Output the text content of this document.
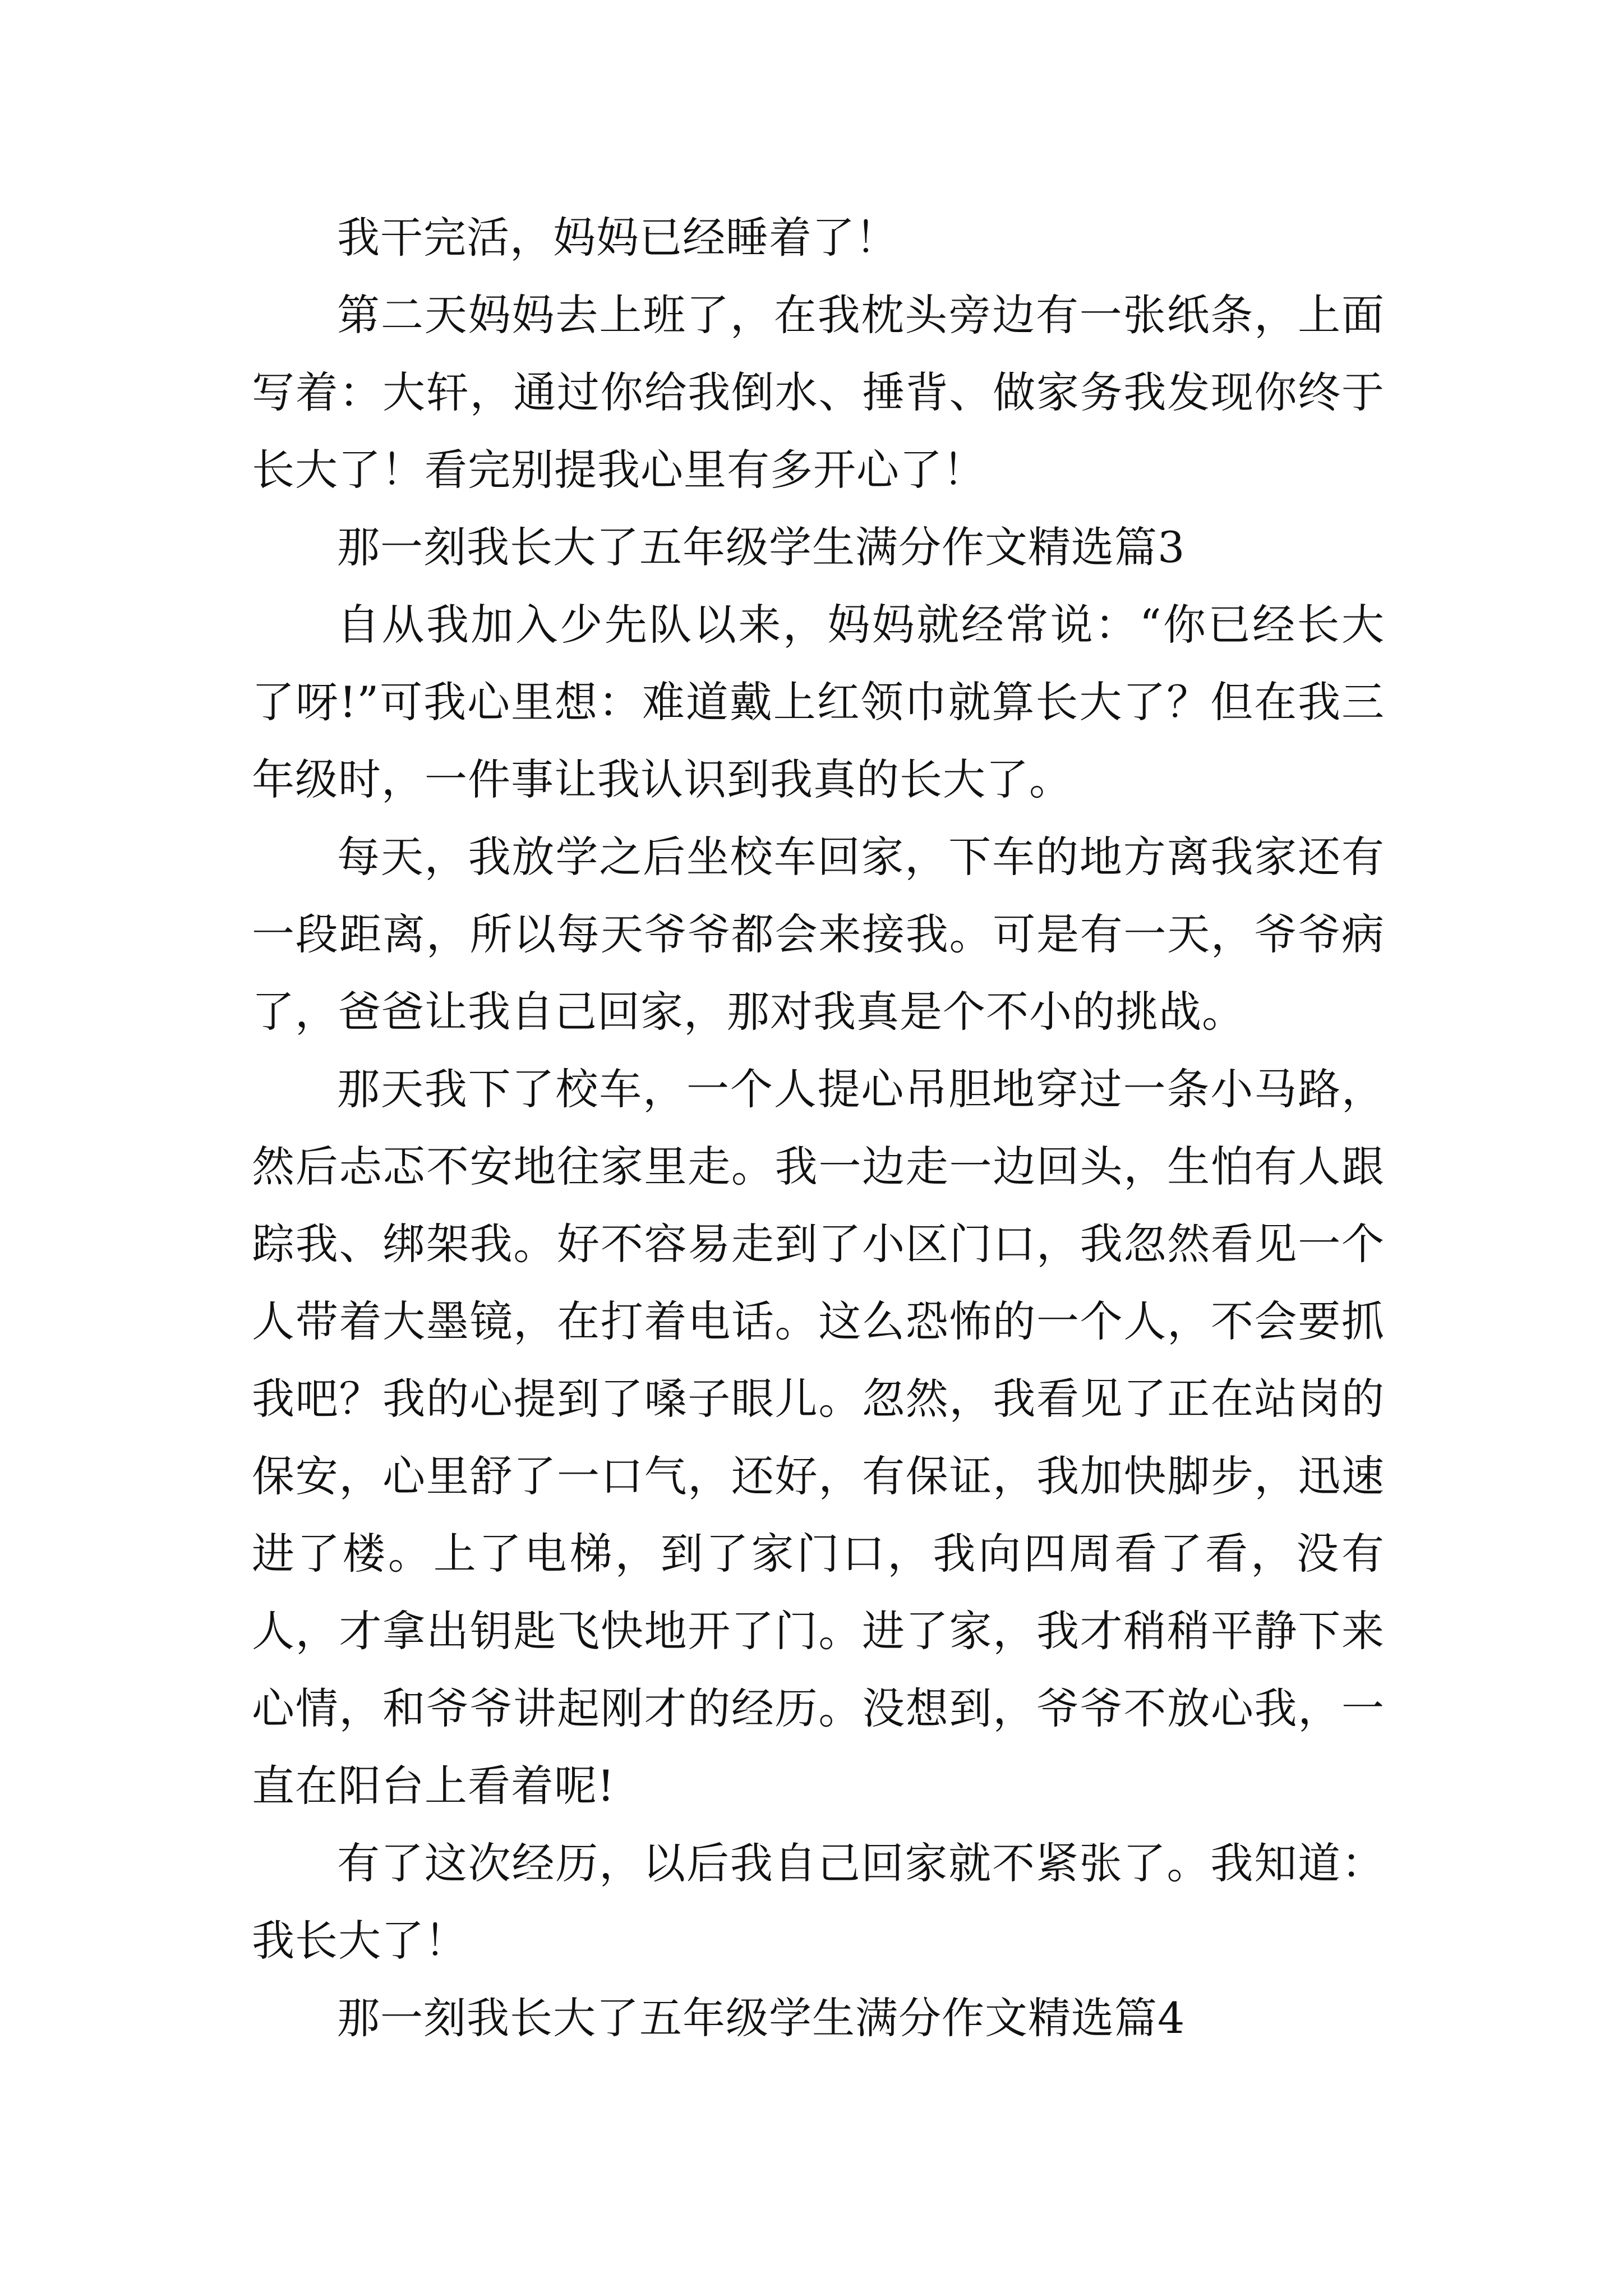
我干完活，妈妈已经睡着了！

第二天妈妈去上班了，在我枕头旁边有一张纸条，上面写着：大轩，通过你给我倒水、捶背、做家务我发现你终于长大了！看完别提我心里有多开心了！

那一刻我长大了五年级学生满分作文精选篇3

自从我加入少先队以来，妈妈就经常说：“你已经长大了呀!”可我心里想：难道戴上红领巾就算长大了？但在我三年级时，一件事让我认识到我真的长大了。

每天，我放学之后坐校车回家，下车的地方离我家还有一段距离，所以每天爷爷都会来接我。可是有一天，爷爷病了，爸爸让我自己回家，那对我真是个不小的挑战。

那天我下了校车，一个人提心吊胆地穿过一条小马路，然后忐忑不安地往家里走。我一边走一边回头，生怕有人跟踪我、绑架我。好不容易走到了小区门口，我忽然看见一个人带着大墨镜，在打着电话。这么恐怖的一个人，不会要抓我吧？我的心提到了嗓子眼儿。忽然，我看见了正在站岗的保安，心里舒了一口气，还好，有保证，我加快脚步，迅速进了楼。上了电梯，到了家门口，我向四周看了看，没有人，才拿出钥匙飞快地开了门。进了家，我才稍稍平静下来心情，和爷爷讲起刚才的经历。没想到，爷爷不放心我，一直在阳台上看着呢!

有了这次经历，以后我自己回家就不紧张了。我知道：我长大了！

那一刻我长大了五年级学生满分作文精选篇4
